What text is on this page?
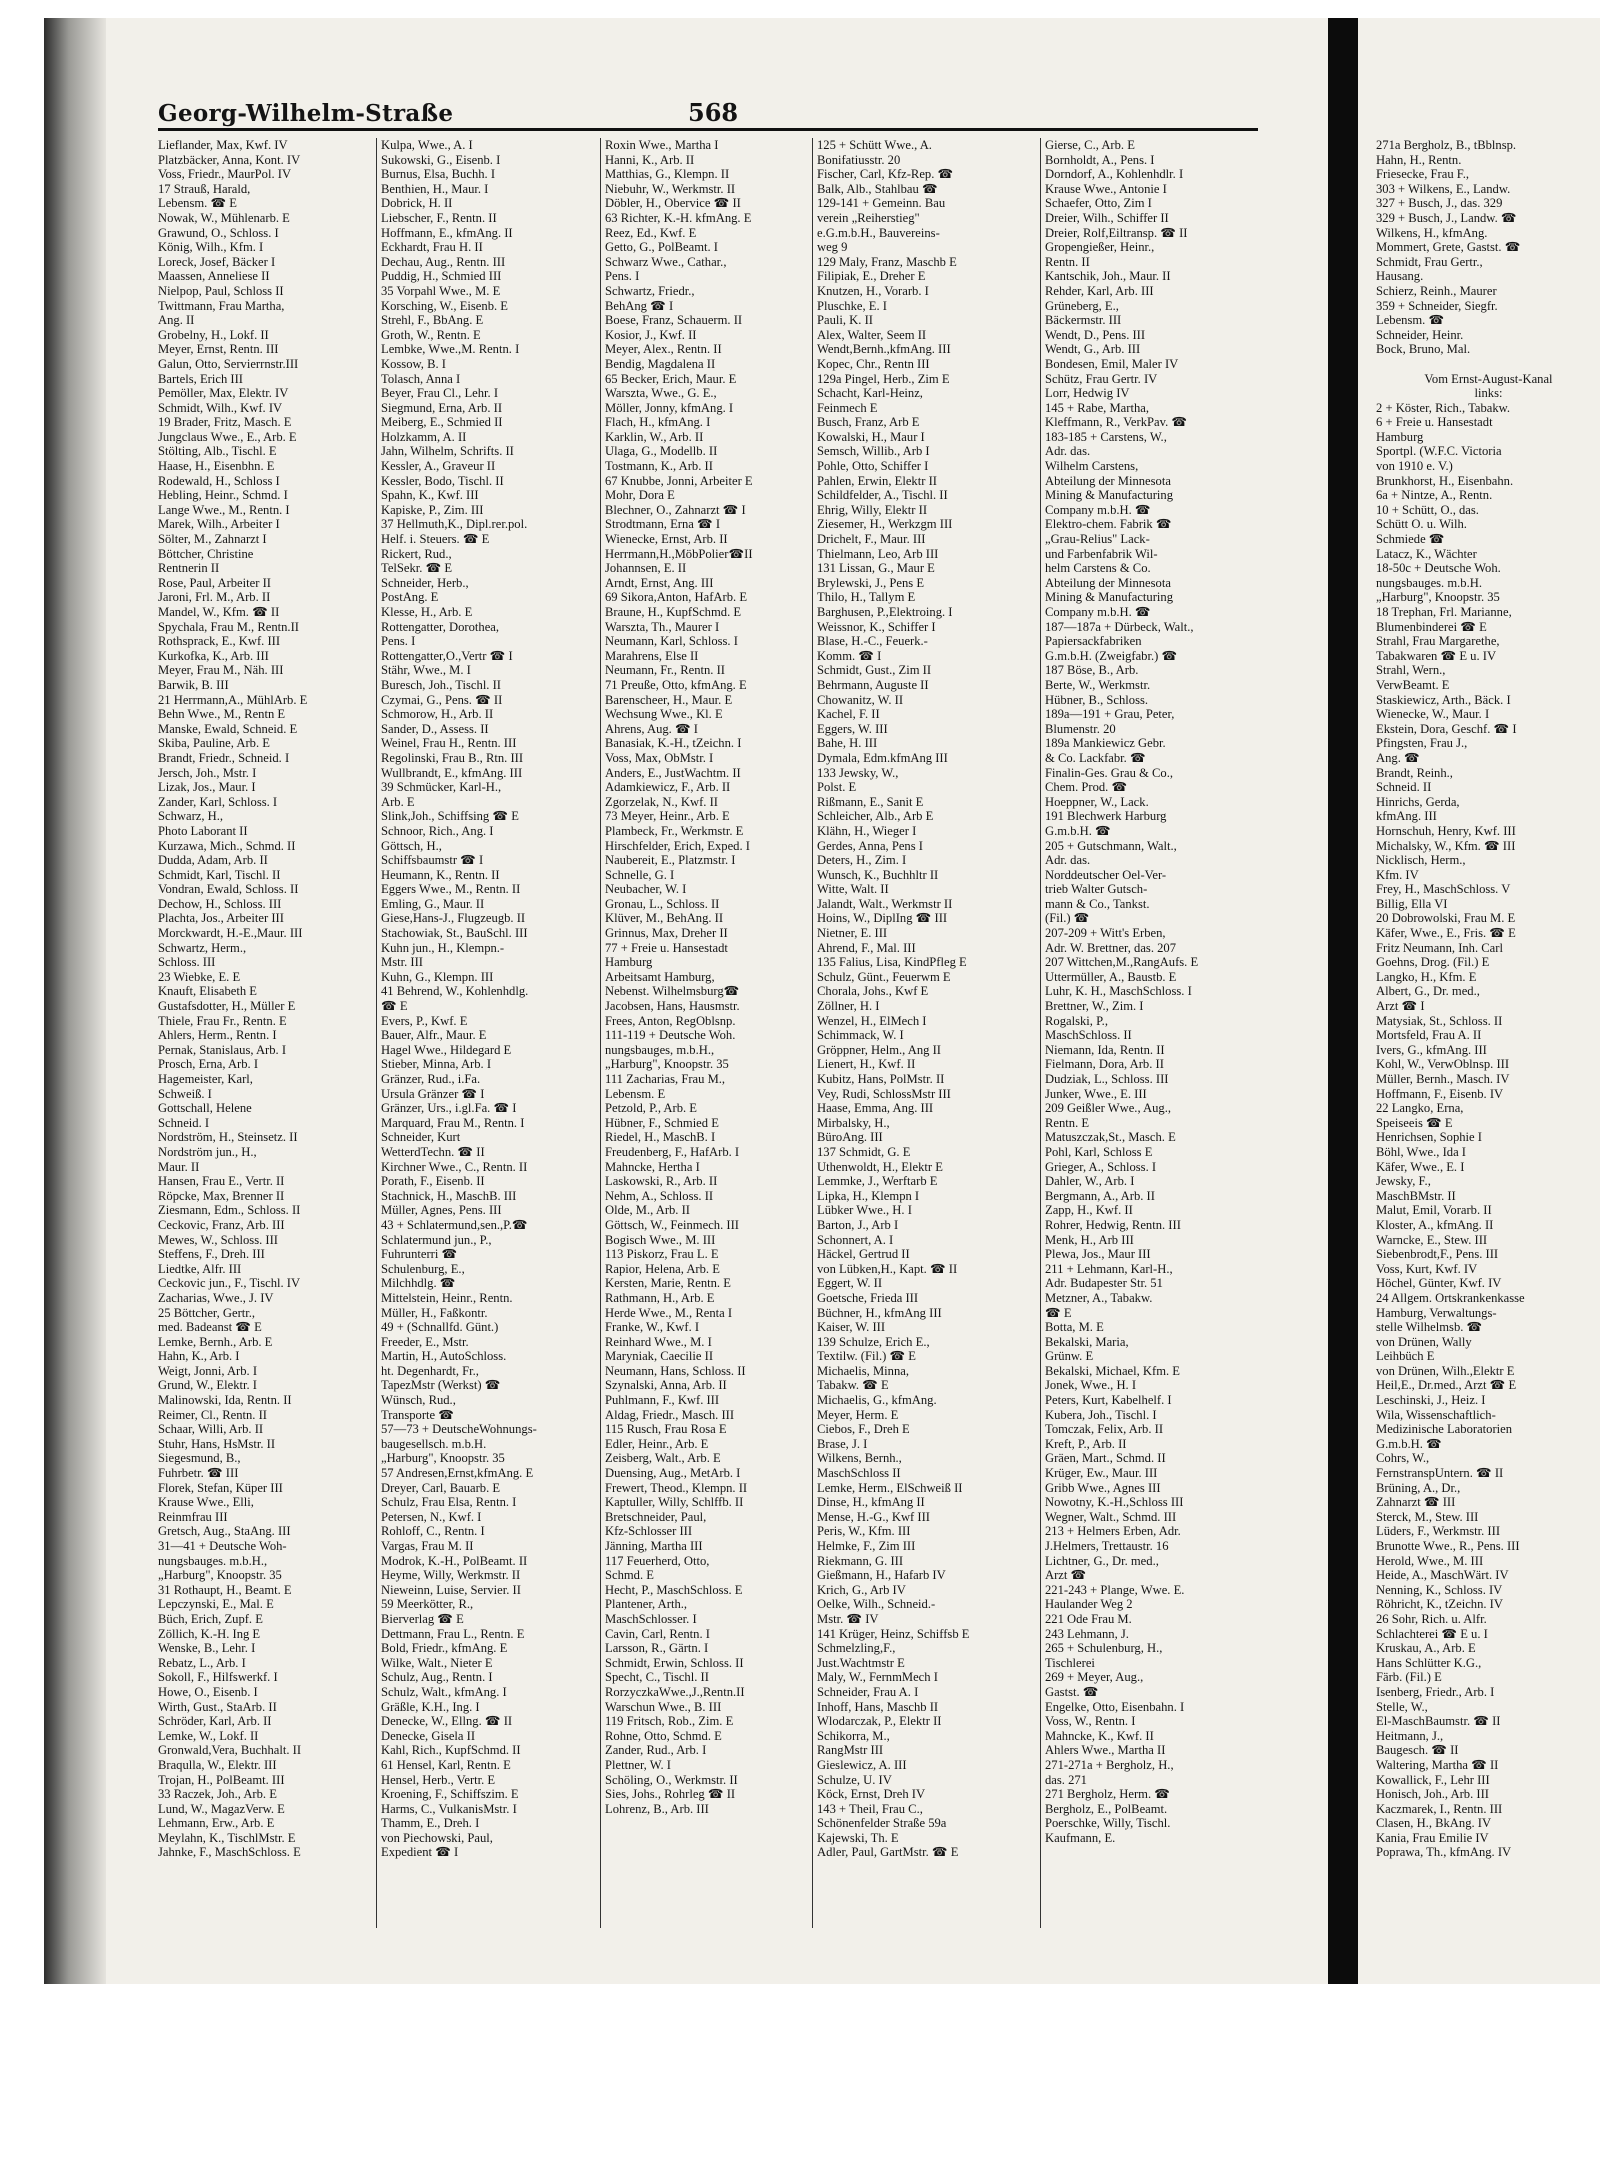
Georg-Wilhelm-Straße	568
Lieflander, Max, Kwf. IV
Platzbäcker, Anna, Kont. IV
Voss, Friedr., MaurPol. IV
17 Strauß, Harald,
Lebensm. ☎ E
Nowak, W., Mühlenarb. E
Grawund, O., Schloss. I
König, Wilh., Kfm. I
Loreck, Josef, Bäcker I
Maassen, Anneliese II
Nielpop, Paul, Schloss II
Twittmann, Frau Martha,
Ang. II
Grobelny, H., Lokf. II
Meyer, Ernst, Rentn. III
Galun, Otto, Servierrnstr.III
Bartels, Erich III
Pemöller, Max, Elektr. IV
Schmidt, Wilh., Kwf. IV
19 Brader, Fritz, Masch. E
Jungclaus Wwe., E., Arb. E
Stölting, Alb., Tischl. E
Haase, H., Eisenbhn. E
Rodewald, H., Schloss I
Hebling, Heinr., Schmd. I
Lange Wwe., M., Rentn. I
Marek, Wilh., Arbeiter I
Sölter, M., Zahnarzt I
Böttcher, Christine
Rentnerin II
Rose, Paul, Arbeiter II
Jaroni, Frl. M., Arb. II
Mandel, W., Kfm. ☎ II
Spychala, Frau M., Rentn.II
Rothsprack, E., Kwf. III
Kurkofka, K., Arb. III
Meyer, Frau M., Näh. III
Barwik, B. III
21 Herrmann,A., MühlArb. E
Behn Wwe., M., Rentn E
Manske, Ewald, Schneid. E
Skiba, Pauline, Arb. E
Brandt, Friedr., Schneid. I
Jersch, Joh., Mstr. I
Lizak, Jos., Maur. I
Zander, Karl, Schloss. I
Schwarz, H.,
Photo Laborant II
Kurzawa, Mich., Schmd. II
Dudda, Adam, Arb. II
Schmidt, Karl, Tischl. II
Vondran, Ewald, Schloss. II
Dechow, H., Schloss. III
Plachta, Jos., Arbeiter III
Morckwardt, H.-E.,Maur. III
Schwartz, Herm.,
Schloss. III
23 Wiebke, E. E
Knauft, Elisabeth E
Gustafsdotter, H., Müller E
Thiele, Frau Fr., Rentn. E
Ahlers, Herm., Rentn. I
Pernak, Stanislaus, Arb. I
Prosch, Erna, Arb. I
Hagemeister, Karl,
Schweiß. I
Gottschall, Helene
Schneid. I
Nordström, H., Steinsetz. II
Nordström jun., H.,
Maur. II
Hansen, Frau E., Vertr. II
Röpcke, Max, Brenner II
Ziesmann, Edm., Schloss. II
Ceckovic, Franz, Arb. III
Mewes, W., Schloss. III
Steffens, F., Dreh. III
Liedtke, Alfr. III
Ceckovic jun., F., Tischl. IV
Zacharias, Wwe., J. IV
25 Böttcher, Gertr.,
med. Badeanst ☎ E
Lemke, Bernh., Arb. E
Hahn, K., Arb. I
Weigt, Jonni, Arb. I
Grund, W., Elektr. I
Malinowski, Ida, Rentn. II
Reimer, Cl., Rentn. II
Schaar, Willi, Arb. II
Stuhr, Hans, HsMstr. II
Siegesmund, B.,
Fuhrbetr. ☎ III
Florek, Stefan, Küper III
Krause Wwe., Elli,
Reinmfrau III
Gretsch, Aug., StaAng. III
31—41 + Deutsche Woh-
nungsbauges. m.b.H.,
„Harburg", Knoopstr. 35
31 Rothaupt, H., Beamt. E
Lepczynski, E., Mal. E
Büch, Erich, Zupf. E
Zöllich, K.-H. Ing E
Wenske, B., Lehr. I
Rebatz, L., Arb. I
Sokoll, F., Hilfswerkf. I
Howe, O., Eisenb. I
Wirth, Gust., StaArb. II
Schröder, Karl, Arb. II
Lemke, W., Lokf. II
Gronwald,Vera, Buchhalt. II
Braqulla, W., Elektr. III
Trojan, H., PolBeamt. III
33 Raczek, Joh., Arb. E
Lund, W., MagazVerw. E
Lehmann, Erw., Arb. E
Meylahn, K., TischlMstr. E
Jahnke, F., MaschSchloss. E
Kulpa, Wwe., A. I
Sukowski, G., Eisenb. I
Burnus, Elsa, Buchh. I
Benthien, H., Maur. I
Dobrick, H. II
Liebscher, F., Rentn. II
Hoffmann, E., kfmAng. II
Eckhardt, Frau H. II
Dechau, Aug., Rentn. III
Puddig, H., Schmied III
35 Vorpahl Wwe., M. E
Korsching, W., Eisenb. E
Strehl, F., BbAng. E
Groth, W., Rentn. E
Lembke, Wwe.,M. Rentn. I
Kossow, B. I
Tolasch, Anna I
Beyer, Frau Cl., Lehr. I
Siegmund, Erna, Arb. II
Meiberg, E., Schmied II
Holzkamm, A. II
Jahn, Wilhelm, Schrifts. II
Kessler, A., Graveur II
Kessler, Bodo, Tischl. II
Spahn, K., Kwf. III
Kapiske, P., Zim. III
37 Hellmuth,K., Dipl.rer.pol.
Helf. i. Steuers. ☎ E
Rickert, Rud.,
TelSekr. ☎ E
Schneider, Herb.,
PostAng. E
Klesse, H., Arb. E
Rottengatter, Dorothea,
Pens. I
Rottengatter,O.,Vertr ☎ I
Stähr, Wwe., M. I
Buresch, Joh., Tischl. II
Czymai, G., Pens. ☎ II
Schmorow, H., Arb. II
Sander, D., Assess. II
Weinel, Frau H., Rentn. III
Regolinski, Frau B., Rtn. III
Wullbrandt, E., kfmAng. III
39 Schmücker, Karl-H.,
Arb. E
Slink,Joh., Schiffsing ☎ E
Schnoor, Rich., Ang. I
Göttsch, H.,
Schiffsbaumstr ☎ I
Heumann, K., Rentn. II
Eggers Wwe., M., Rentn. II
Emling, G., Maur. II
Giese,Hans-J., Flugzeugb. II
Stachowiak, St., BauSchl. III
Kuhn jun., H., Klempn.-
Mstr. III
Kuhn, G., Klempn. III
41 Behrend, W., Kohlenhdlg.
☎ E
Evers, P., Kwf. E
Bauer, Alfr., Maur. E
Hagel Wwe., Hildegard E
Stieber, Minna, Arb. I
Gränzer, Rud., i.Fa.
Ursula Gränzer ☎ I
Gränzer, Urs., i.gl.Fa. ☎ I
Marquard, Frau M., Rentn. I
Schneider, Kurt
WetterdTechn. ☎ II
Kirchner Wwe., C., Rentn. II
Porath, F., Eisenb. II
Stachnick, H., MaschB. III
Müller, Agnes, Pens. III
43 + Schlatermund,sen.,P.☎
Schlatermund jun., P.,
Fuhrunterri ☎
Schulenburg, E.,
Milchhdlg. ☎
Mittelstein, Heinr., Rentn.
Müller, H., Faßkontr.
49 + (Schnallfd. Günt.)
Freeder, E., Mstr.
Martin, H., AutoSchloss.
ht. Degenhardt, Fr.,
TapezMstr (Werkst) ☎
Wünsch, Rud.,
Transporte ☎
57—73 + DeutscheWohnungs-
baugesellsch. m.b.H.
„Harburg", Knoopstr. 35
57 Andresen,Ernst,kfmAng. E
Dreyer, Carl, Bauarb. E
Schulz, Frau Elsa, Rentn. I
Petersen, N., Kwf. I
Rohloff, C., Rentn. I
Vargas, Frau M. II
Modrok, K.-H., PolBeamt. II
Heyme, Willy, Werkmstr. II
Nieweinn, Luise, Servier. II
59 Meerkötter, R.,
Bierverlag ☎ E
Dettmann, Frau L., Rentn. E
Bold, Friedr., kfmAng. E
Wilke, Walt., Nieter E
Schulz, Aug., Rentn. I
Schulz, Walt., kfmAng. I
Gräßle, K.H., Ing. I
Denecke, W., Ellng. ☎ II
Denecke, Gisela II
Kahl, Rich., KupfSchmd. II
61 Hensel, Karl, Rentn. E
Hensel, Herb., Vertr. E
Kroening, F., Schiffszim. E
Harms, C., VulkanisMstr. I
Thamm, E., Dreh. I
von Piechowski, Paul,
Expedient ☎ I
Roxin Wwe., Martha I
Hanni, K., Arb. II
Matthias, G., Klempn. II
Niebuhr, W., Werkmstr. II
Döbler, H., Obervice ☎ II
63 Richter, K.-H. kfmAng. E
Reez, Ed., Kwf. E
Getto, G., PolBeamt. I
Schwarz Wwe., Cathar.,
Pens. I
Schwartz, Friedr.,
BehAng ☎ I
Boese, Franz, Schauerm. II
Kosior, J., Kwf. II
Meyer, Alex., Rentn. II
Bendig, Magdalena II
65 Becker, Erich, Maur. E
Warszta, Wwe., G. E.,
Möller, Jonny, kfmAng. I
Flach, H., kfmAng. I
Karklin, W., Arb. II
Ulaga, G., Modellb. II
Tostmann, K., Arb. II
67 Knubbe, Jonni, Arbeiter E
Mohr, Dora E
Blechner, O., Zahnarzt ☎ I
Strodtmann, Erna ☎ I
Wienecke, Ernst, Arb. II
Herrmann,H.,MöbPolier☎II
Johannsen, E. II
Arndt, Ernst, Ang. III
69 Sikora,Anton, HafArb. E
Braune, H., KupfSchmd. E
Warszta, Th., Maurer I
Neumann, Karl, Schloss. I
Marahrens, Else II
Neumann, Fr., Rentn. II
71 Preuße, Otto, kfmAng. E
Barenscheer, H., Maur. E
Wechsung Wwe., Kl. E
Ahrens, Aug. ☎ I
Banasiak, K.-H., tZeichn. I
Voss, Max, ObMstr. I
Anders, E., JustWachtm. II
Adamkiewicz, F., Arb. II
Zgorzelak, N., Kwf. II
73 Meyer, Heinr., Arb. E
Plambeck, Fr., Werkmstr. E
Hirschfelder, Erich, Exped. I
Naubereit, E., Platzmstr. I
Schnelle, G. I
Neubacher, W. I
Gronau, L., Schloss. II
Klüver, M., BehAng. II
Grinnus, Max, Dreher II
77 + Freie u. Hansestadt
Hamburg
Arbeitsamt Hamburg,
Nebenst. Wilhelmsburg☎
Jacobsen, Hans, Hausmstr.
Frees, Anton, RegOblsnp.
111-119 + Deutsche Woh.
nungsbauges, m.b.H.,
„Harburg", Knoopstr. 35
111 Zacharias, Frau M.,
Lebensm. E
Petzold, P., Arb. E
Hübner, F., Schmied E
Riedel, H., MaschB. I
Freudenberg, F., HafArb. I
Mahncke, Hertha I
Laskowski, R., Arb. II
Nehm, A., Schloss. II
Olde, M., Arb. II
Göttsch, W., Feinmech. III
Bogisch Wwe., M. III
113 Piskorz, Frau L. E
Rapior, Helena, Arb. E
Kersten, Marie, Rentn. E
Rathmann, H., Arb. E
Herde Wwe., M., Renta I
Franke, W., Kwf. I
Reinhard Wwe., M. I
Maryniak, Caecilie II
Neumann, Hans, Schloss. II
Szynalski, Anna, Arb. II
Puhlmann, F., Kwf. III
Aldag, Friedr., Masch. III
115 Rusch, Frau Rosa E
Edler, Heinr., Arb. E
Zeisberg, Walt., Arb. E
Duensing, Aug., MetArb. I
Frewert, Theod., Klempn. II
Kaptuller, Willy, Schlffb. II
Bretschneider, Paul,
Kfz-Schlosser III
Jänning, Martha III
117 Feuerherd, Otto,
Schmd. E
Hecht, P., MaschSchloss. E
Plantener, Arth.,
MaschSchlosser. I
Cavin, Carl, Rentn. I
Larsson, R., Gärtn. I
Schmidt, Erwin, Schloss. II
Specht, C., Tischl. II
RorzyczkaWwe.,J.,Rentn.II
Warschun Wwe., B. III
119 Fritsch, Rob., Zim. E
Rohne, Otto, Schmd. E
Zander, Rud., Arb. I
Plettner, W. I
Schöling, O., Werkmstr. II
Sies, Johs., Rohrleg ☎ II
Lohrenz, B., Arb. III
125 + Schütt Wwe., A.
Bonifatiusstr. 20
Fischer, Carl, Kfz-Rep. ☎
Balk, Alb., Stahlbau ☎
129-141 + Gemeinn. Bau
verein „Reiherstieg"
e.G.m.b.H., Bauvereins-
weg 9
129 Maly, Franz, Maschb E
Filipiak, E., Dreher E
Knutzen, H., Vorarb. I
Pluschke, E. I
Pauli, K. II
Alex, Walter, Seem II
Wendt,Bernh.,kfmAng. III
Kopec, Chr., Rentn III
129a Pingel, Herb., Zim E
Schacht, Karl-Heinz,
Feinmech E
Busch, Franz, Arb E
Kowalski, H., Maur I
Semsch, Willib., Arb I
Pohle, Otto, Schiffer I
Pahlen, Erwin, Elektr II
Schildfelder, A., Tischl. II
Ehrig, Willy, Elektr II
Ziesemer, H., Werkzgm III
Drichelt, F., Maur. III
Thielmann, Leo, Arb III
131 Lissan, G., Maur E
Brylewski, J., Pens E
Thilo, H., Tallym E
Barghusen, P.,Elektroing. I
Weissnor, K., Schiffer I
Blase, H.-C., Feuerk.-
Komm. ☎ I
Schmidt, Gust., Zim II
Behrmann, Auguste II
Chowanitz, W. II
Kachel, F. II
Eggers, W. III
Bahe, H. III
Dymala, Edm.kfmAng III
133 Jewsky, W.,
Polst. E
Rißmann, E., Sanit E
Schleicher, Alb., Arb E
Klähn, H., Wieger I
Gerdes, Anna, Pens I
Deters, H., Zim. I
Wunsch, K., Buchhltr II
Witte, Walt. II
Jalandt, Walt., Werkmstr II
Hoins, W., DiplIng ☎ III
Nietner, E. III
Ahrend, F., Mal. III
135 Falius, Lisa, KindPfleg E
Schulz, Günt., Feuerwm E
Chorala, Johs., Kwf E
Zöllner, H. I
Wenzel, H., ElMech I
Schimmack, W. I
Gröppner, Helm., Ang II
Lienert, H., Kwf. II
Kubitz, Hans, PolMstr. II
Vey, Rudi, SchlossMstr III
Haase, Emma, Ang. III
Mirbalsky, H.,
BüroAng. III
137 Schmidt, G. E
Uthenwoldt, H., Elektr E
Lemmke, J., Werftarb E
Lipka, H., Klempn I
Lübker Wwe., H. I
Barton, J., Arb I
Schonnert, A. I
Häckel, Gertrud II
von Lübken,H., Kapt. ☎ II
Eggert, W. II
Goetsche, Frieda III
Büchner, H., kfmAng III
Kaiser, W. III
139 Schulze, Erich E.,
Textilw. (Fil.) ☎ E
Michaelis, Minna,
Tabakw. ☎ E
Michaelis, G., kfmAng.
Meyer, Herm. E
Ciebos, F., Dreh E
Brase, J. I
Wilkens, Bernh.,
MaschSchloss II
Lemke, Herm., ElSchweiß II
Dinse, H., kfmAng II
Mense, H.-G., Kwf III
Peris, W., Kfm. III
Helmke, F., Zim III
Riekmann, G. III
Gießmann, H., Hafarb IV
Krich, G., Arb IV
Oelke, Wilh., Schneid.-
Mstr. ☎ IV
141 Krüger, Heinz, Schiffsb E
Schmelzling,F.,
Just.Wachtmstr E
Maly, W., FernmMech I
Schneider, Frau A. I
Inhoff, Hans, Maschb II
Wlodarczak, P., Elektr II
Schikorra, M.,
RangMstr III
Gieslewicz, A. III
Schulze, U. IV
Köck, Ernst, Dreh IV
143 + Theil, Frau C.,
Schönenfelder Straße 59a
Kajewski, Th. E
Adler, Paul, GartMstr. ☎ E
Gierse, C., Arb. E
Bornholdt, A., Pens. I
Dorndorf, A., Kohlenhdlr. I
Krause Wwe., Antonie I
Schaefer, Otto, Zim I
Dreier, Wilh., Schiffer II
Dreier, Rolf,Eiltransp. ☎ II
Gropengießer, Heinr.,
Rentn. II
Kantschik, Joh., Maur. II
Rehder, Karl, Arb. III
Grüneberg, E.,
Bäckermstr. III
Wendt, D., Pens. III
Wendt, G., Arb. III
Bondesen, Emil, Maler IV
Schütz, Frau Gertr. IV
Lorr, Hedwig IV
145 + Rabe, Martha,
Kleffmann, R., VerkPav. ☎
183-185 + Carstens, W.,
Adr. das.
Wilhelm Carstens,
Abteilung der Minnesota
Mining & Manufacturing
Company m.b.H. ☎
Elektro-chem. Fabrik ☎
„Grau-Relius" Lack-
und Farbenfabrik Wil-
helm Carstens & Co.
Abteilung der Minnesota
Mining & Manufacturing
Company m.b.H. ☎
187—187a + Dürbeck, Walt.,
Papiersackfabriken
G.m.b.H. (Zweigfabr.) ☎
187 Böse, B., Arb.
Berte, W., Werkmstr.
Hübner, B., Schloss.
189a—191 + Grau, Peter,
Blumenstr. 20
189a Mankiewicz Gebr.
& Co. Lackfabr. ☎
Finalin-Ges. Grau & Co.,
Chem. Prod. ☎
Hoeppner, W., Lack.
191 Blechwerk Harburg
G.m.b.H. ☎
205 + Gutschmann, Walt.,
Adr. das.
Norddeutscher Oel-Ver-
trieb Walter Gutsch-
mann & Co., Tankst.
(Fil.) ☎
207-209 + Witt's Erben,
Adr. W. Brettner, das. 207
207 Wittchen,M.,RangAufs. E
Uttermüller, A., Baustb. E
Luhr, K. H., MaschSchloss. I
Brettner, W., Zim. I
Rogalski, P.,
MaschSchloss. II
Niemann, Ida, Rentn. II
Fielmann, Dora, Arb. II
Dudziak, L., Schloss. III
Junker, Wwe., E. III
209 Geißler Wwe., Aug.,
Rentn. E
Matuszczak,St., Masch. E
Pohl, Karl, Schloss E
Grieger, A., Schloss. I
Dahler, W., Arb. I
Bergmann, A., Arb. II
Zapp, H., Kwf. II
Rohrer, Hedwig, Rentn. III
Menk, H., Arb III
Plewa, Jos., Maur III
211 + Lehmann, Karl-H.,
Adr. Budapester Str. 51
Metzner, A., Tabakw.
☎ E
Botta, M. E
Bekalski, Maria,
Grünw. E
Bekalski, Michael, Kfm. E
Jonek, Wwe., H. I
Peters, Kurt, Kabelhelf. I
Kubera, Joh., Tischl. I
Tomczak, Felix, Arb. II
Kreft, P., Arb. II
Gräen, Mart., Schmd. II
Krüger, Ew., Maur. III
Gribb Wwe., Agnes III
Nowotny, K.-H.,Schloss III
Wegner, Walt., Schmd. III
213 + Helmers Erben, Adr.
J.Helmers, Trettaustr. 16
Lichtner, G., Dr. med.,
Arzt ☎
221-243 + Plange, Wwe. E.
Haulander Weg 2
221 Ode Frau M.
243 Lehmann, J.
265 + Schulenburg, H.,
Tischlerei
269 + Meyer, Aug.,
Gastst. ☎
Engelke, Otto, Eisenbahn. I
Voss, W., Rentn. I
Mahncke, K., Kwf. II
Ahlers Wwe., Martha II
271-271a + Bergholz, H.,
das. 271
271 Bergholz, Herm. ☎
Bergholz, E., PolBeamt.
Poerschke, Willy, Tischl.
Kaufmann, E.
271a Bergholz, B., tBblnsp.
Hahn, H., Rentn.
Friesecke, Frau F.,
303 + Wilkens, E., Landw.
327 + Busch, J., das. 329
329 + Busch, J., Landw. ☎
Wilkens, H., kfmAng.
Mommert, Grete, Gastst. ☎
Schmidt, Frau Gertr.,
Hausang.
Schierz, Reinh., Maurer
359 + Schneider, Siegfr.
Lebensm. ☎
Schneider, Heinr.
Bock, Bruno, Mal.

Vom Ernst-August-Kanal
links:
2 + Köster, Rich., Tabakw.
6 + Freie u. Hansestadt
Hamburg
Sportpl. (W.F.C. Victoria
von 1910 e. V.)
Brunkhorst, H., Eisenbahn.
6a + Nintze, A., Rentn.
10 + Schütt, O., das.
Schütt O. u. Wilh.
Schmiede ☎
Latacz, K., Wächter
18-50c + Deutsche Woh.
nungsbauges. m.b.H.
„Harburg", Knoopstr. 35
18 Trephan, Frl. Marianne,
Blumenbinderei ☎ E
Strahl, Frau Margarethe,
Tabakwaren ☎ E u. IV
Strahl, Wern.,
VerwBeamt. E
Staskiewicz, Arth., Bäck. I
Wienecke, W., Maur. I
Ekstein, Dora, Geschf. ☎ I
Pfingsten, Frau J.,
Ang. ☎
Brandt, Reinh.,
Schneid. II
Hinrichs, Gerda,
kfmAng. III
Hornschuh, Henry, Kwf. III
Michalsky, W., Kfm. ☎ III
Nicklisch, Herm.,
Kfm. IV
Frey, H., MaschSchloss. V
Billig, Ella VI
20 Dobrowolski, Frau M. E
Käfer, Wwe., E., Fris. ☎ E
Fritz Neumann, Inh. Carl
Goehns, Drog. (Fil.) E
Langko, H., Kfm. E
Albert, G., Dr. med.,
Arzt ☎ I
Matysiak, St., Schloss. II
Mortsfeld, Frau A. II
Ivers, G., kfmAng. III
Kohl, W., VerwOblnsp. III
Müller, Bernh., Masch. IV
Hoffmann, F., Eisenb. IV
22 Langko, Erna,
Speiseeis ☎ E
Henrichsen, Sophie I
Böhl, Wwe., Ida I
Käfer, Wwe., E. I
Jewsky, F.,
MaschBMstr. II
Malut, Emil, Vorarb. II
Kloster, A., kfmAng. II
Warncke, E., Stew. III
Siebenbrodt,F., Pens. III
Voss, Kurt, Kwf. IV
Höchel, Günter, Kwf. IV
24 Allgem. Ortskrankenkasse
Hamburg, Verwaltungs-
stelle Wilhelmsb. ☎
von Drünen, Wally
Leihbüch E
von Drünen, Wilh.,Elektr E
Heil,E., Dr.med., Arzt ☎ E
Leschinski, J., Heiz. I
Wila, Wissenschaftlich-
Medizinische Laboratorien
G.m.b.H. ☎
Cohrs, W.,
FernstranspUntern. ☎ II
Brüning, A., Dr.,
Zahnarzt ☎ III
Sterck, M., Stew. III
Lüders, F., Werkmstr. III
Brunotte Wwe., R., Pens. III
Herold, Wwe., M. III
Heide, A., MaschWärt. IV
Nenning, K., Schloss. IV
Röhricht, K., tZeichn. IV
26 Sohr, Rich. u. Alfr.
Schlachterei ☎ E u. I
Kruskau, A., Arb. E
Hans Schlütter K.G.,
Färb. (Fil.) E
Isenberg, Friedr., Arb. I
Stelle, W.,
El-MaschBaumstr. ☎ II
Heitmann, J.,
Baugesch. ☎ II
Waltering, Martha ☎ II
Kowallick, F., Lehr III
Honisch, Joh., Arb. III
Kaczmarek, I., Rentn. III
Clasen, H., BkAng. IV
Kania, Frau Emilie IV
Poprawa, Th., kfmAng. IV
